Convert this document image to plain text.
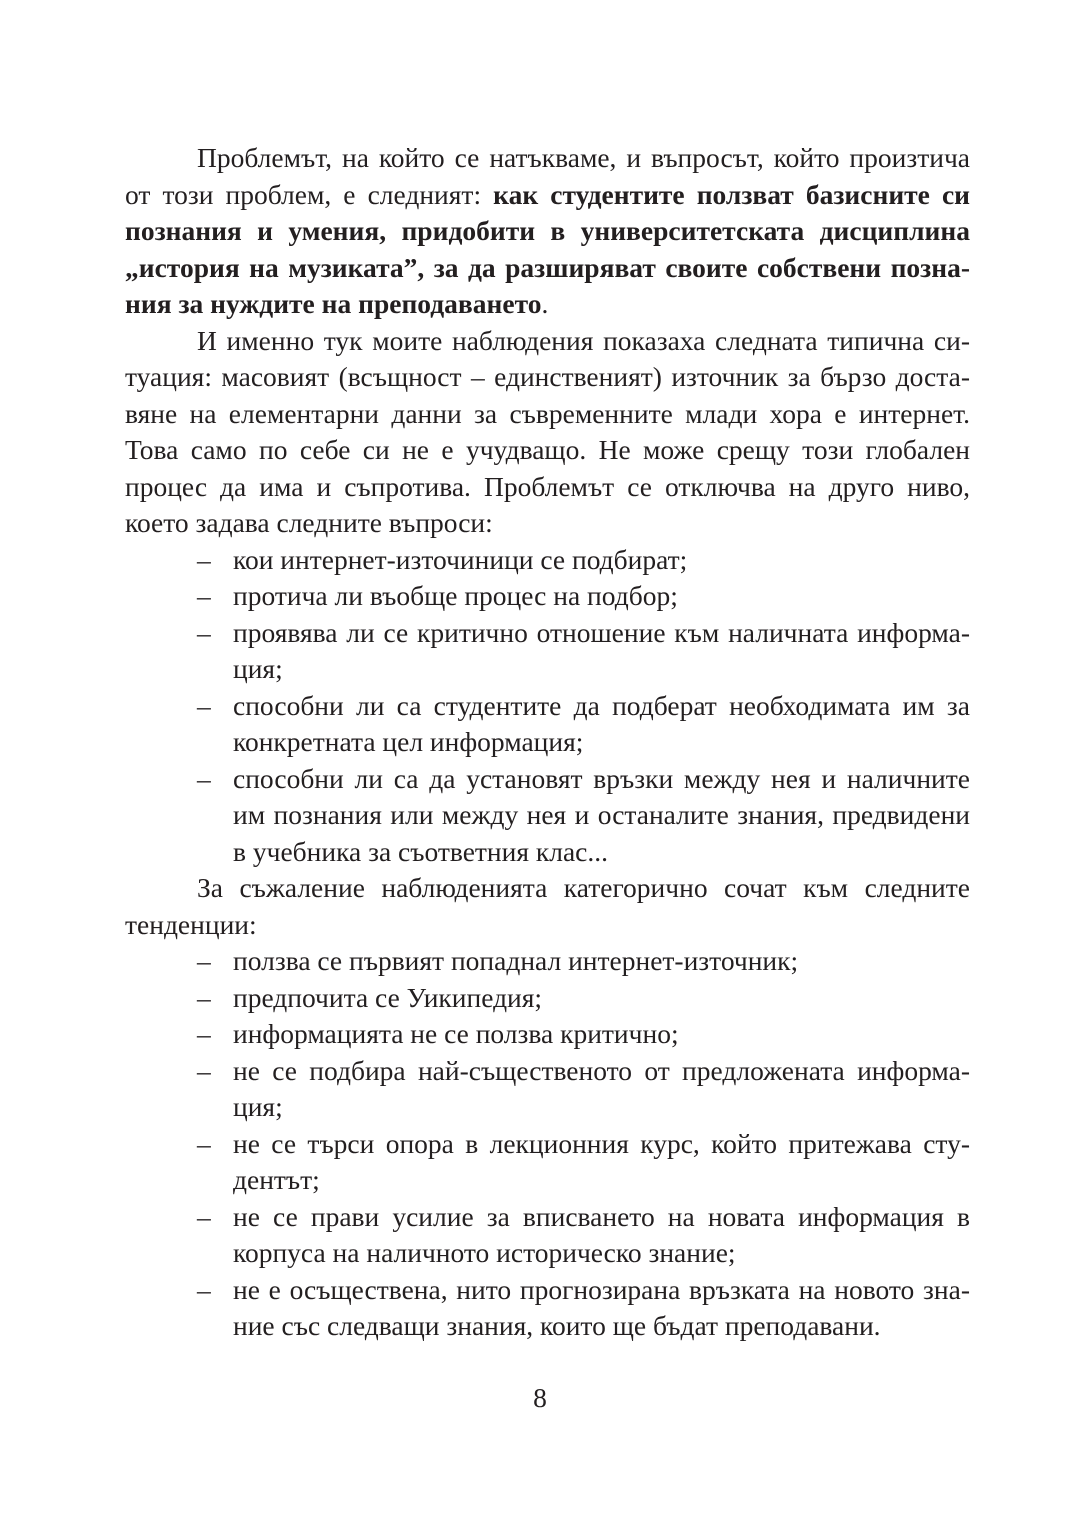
Проблемът, на който се натъкваме, и въпросът, който произтича от този проблем, е следният: как студентите ползват базисните си познания и умения, придобити в университетската дисциплина „история на музиката”, за да разширяват своите собствени познания за нуждите на преподаването.

И именно тук моите наблюдения показаха следната типична ситуация: масовият (всъщност – единственият) източник за бързо доставяне на елементарни данни за съвременните млади хора е интернет. Това само по себе си не е учудващо. Не може срещу този глобален процес да има и съпротива. Проблемът се отключва на друго ниво, което задава следните въпроси:

– кои интернет-източиници се подбират;
– протича ли въобще процес на подбор;
– проявява ли се критично отношение към наличната информация;
– способни ли са студентите да подберат необходимата им за конкретната цел информация;
– способни ли са да установят връзки между нея и наличните им познания или между нея и останалите знания, предвидени в учебника за съответния клас...

За съжаление наблюденията категорично сочат към следните тенденции:

– ползва се първият попаднал интернет-източник;
– предпочита се Уикипедия;
– информацията не се ползва критично;
– не се подбира най-същественото от предложената информация;
– не се търси опора в лекционния курс, който притежава студентът;
– не се прави усилие за вписването на новата информация в корпуса на наличното историческо знание;
– не е осъществена, нито прогнозирана връзката на новото знание със следващи знания, които ще бъдат преподавани.
8
